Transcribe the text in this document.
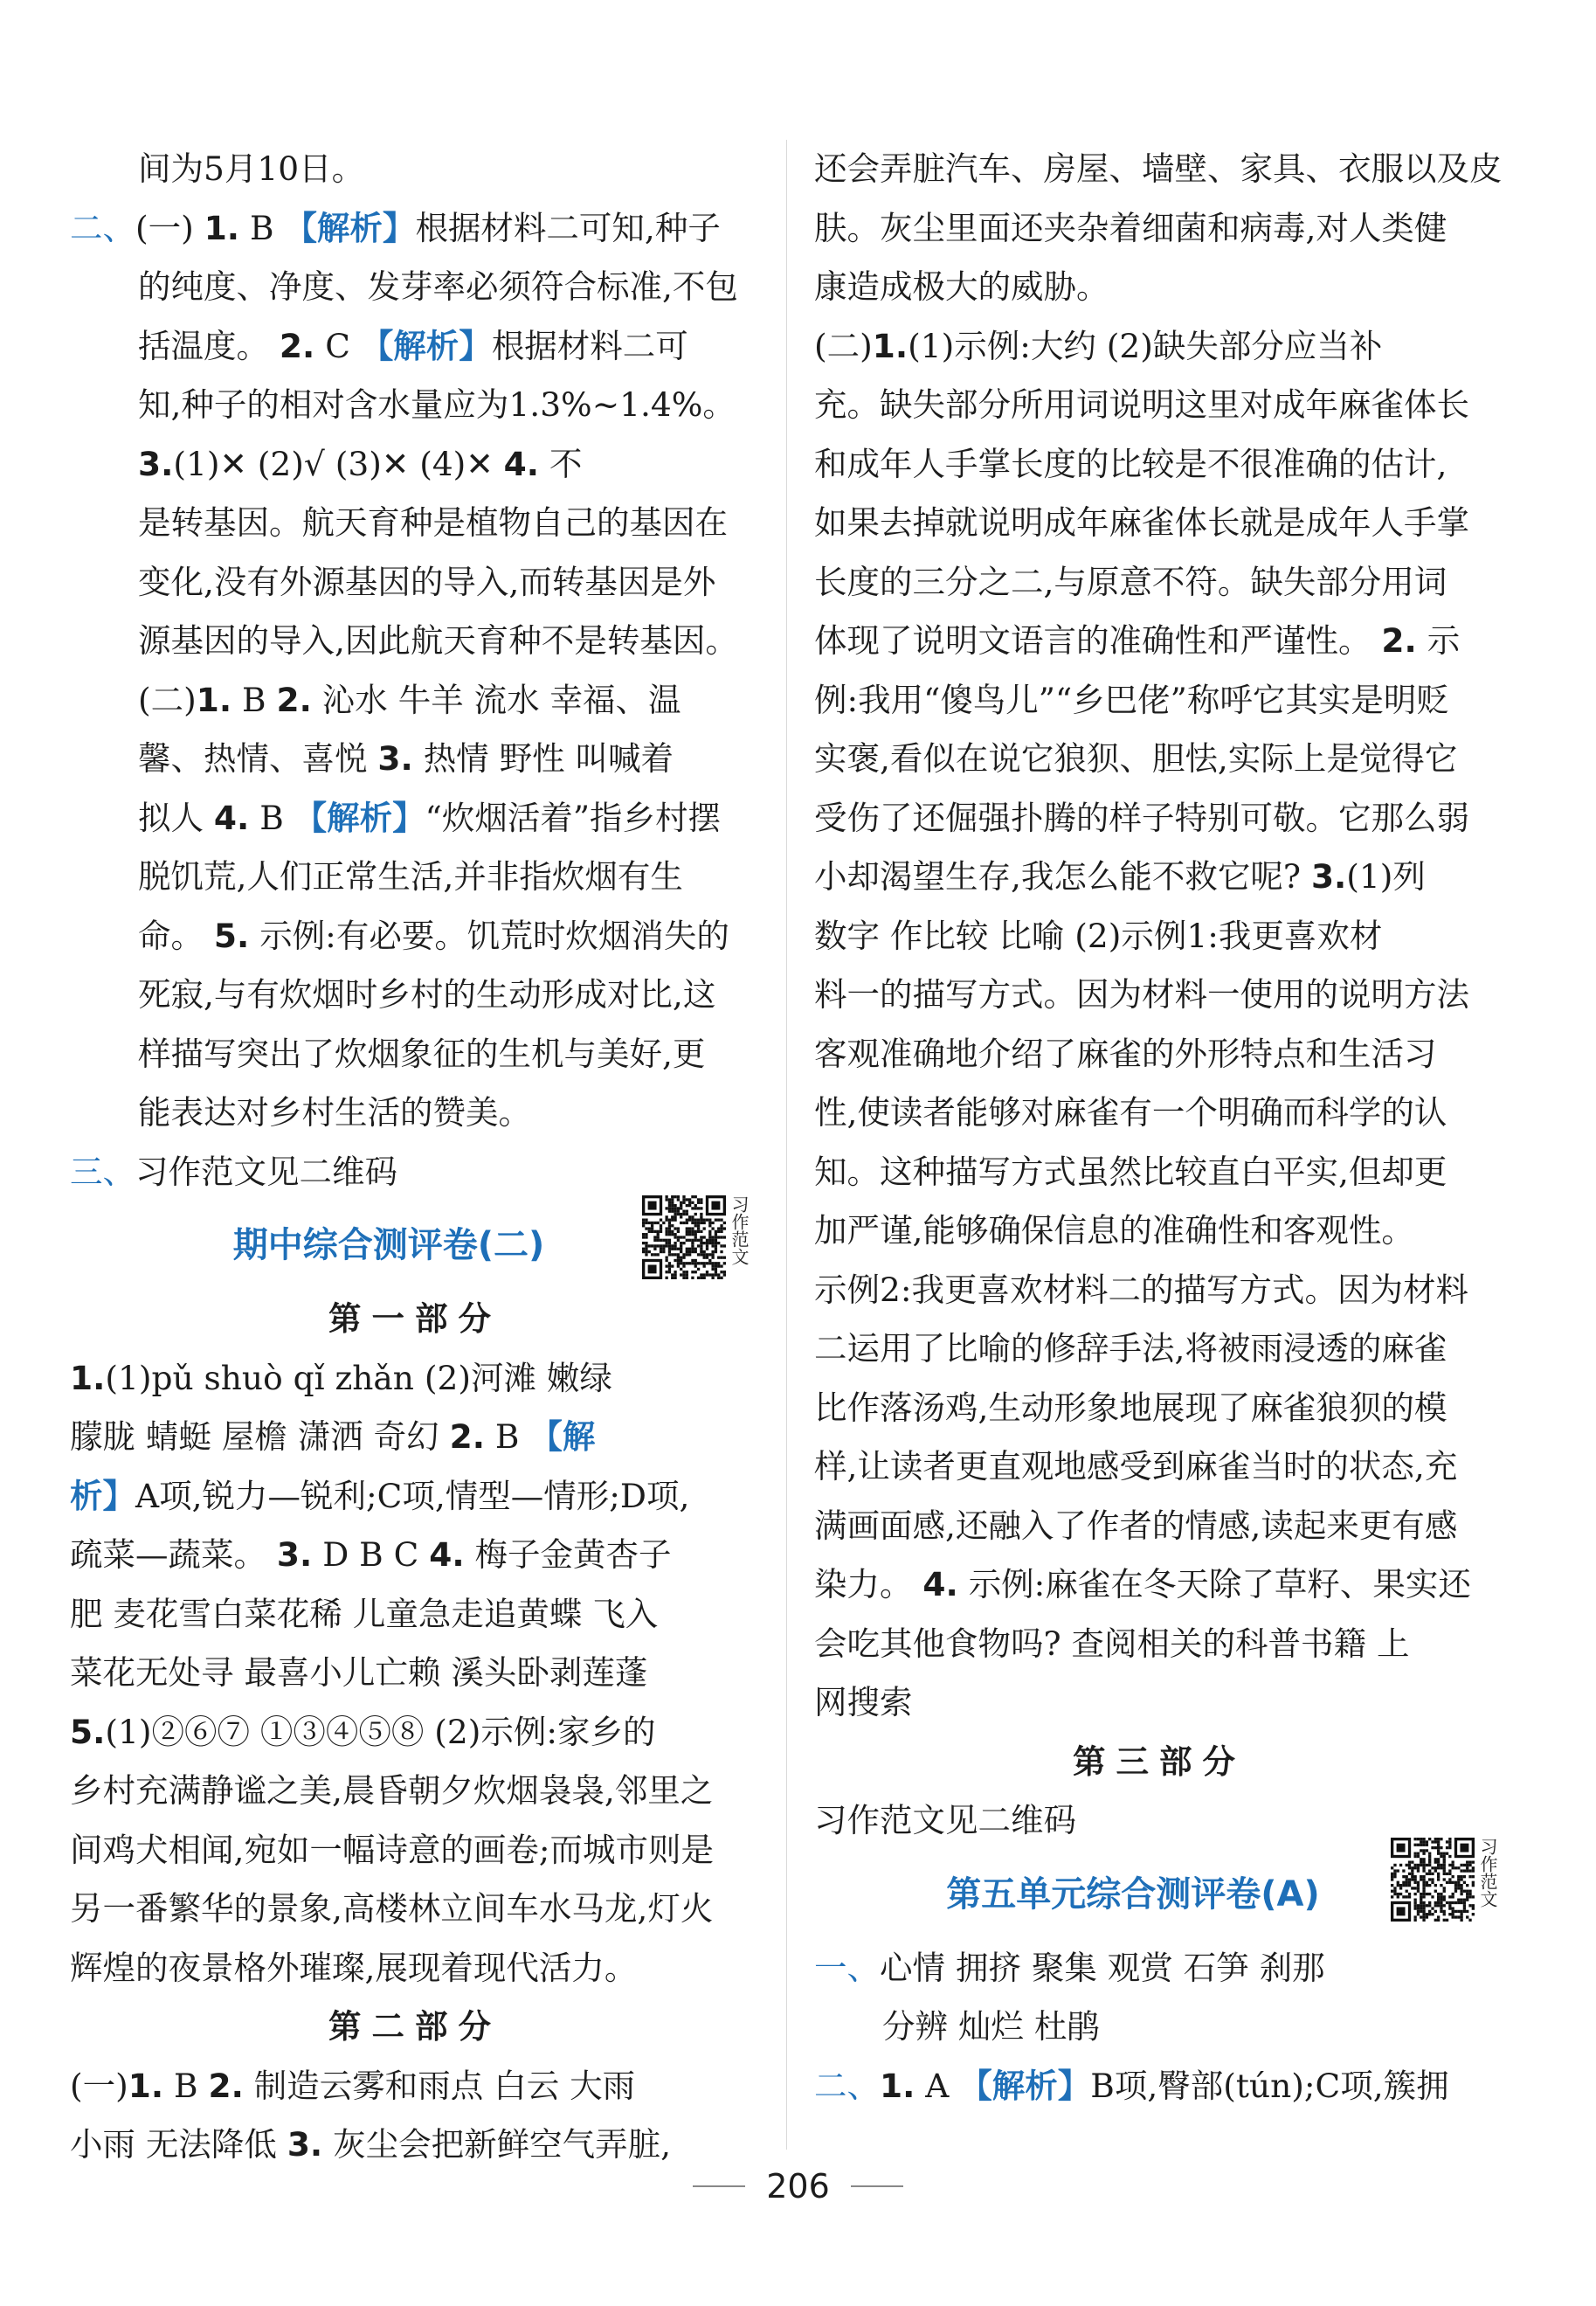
间为5月10日。
二、(一) 1. B 【解析】根据材料二可知,种子
的纯度、净度、发芽率必须符合标准,不包
括温度。 2. C 【解析】根据材料二可
知,种子的相对含水量应为1.3%~1.4%。
3.(1)✕ (2)√ (3)✕ (4)✕ 4. 不
是转基因。航天育种是植物自己的基因在
变化,没有外源基因的导入,而转基因是外
源基因的导入,因此航天育种不是转基因。
(二)1. B 2. 沁水 牛羊 流水 幸福、温
馨、热情、喜悦 3. 热情 野性 叫喊着
拟人 4. B 【解析】“炊烟活着”指乡村摆
脱饥荒,人们正常生活,并非指炊烟有生
命。 5. 示例:有必要。饥荒时炊烟消失的
死寂,与有炊烟时乡村的生动形成对比,这
样描写突出了炊烟象征的生机与美好,更
能表达对乡村生活的赞美。
三、习作范文见二维码
期中综合测评卷(二)
第一部分
1.(1)pǔ shuò qǐ zhǎn (2)河滩 嫩绿
朦胧 蜻蜓 屋檐 潇洒 奇幻 2. B 【解
析】A项,锐力—锐利;C项,情型—情形;D项,
疏菜—蔬菜。 3. D B C 4. 梅子金黄杏子
肥 麦花雪白菜花稀 儿童急走追黄蝶 飞入
菜花无处寻 最喜小儿亡赖 溪头卧剥莲蓬
5.(1)②⑥⑦ ①③④⑤⑧ (2)示例:家乡的
乡村充满静谧之美,晨昏朝夕炊烟袅袅,邻里之
间鸡犬相闻,宛如一幅诗意的画卷;而城市则是
另一番繁华的景象,高楼林立间车水马龙,灯火
辉煌的夜景格外璀璨,展现着现代活力。
第二部分
(一)1. B 2. 制造云雾和雨点 白云 大雨
小雨 无法降低 3. 灰尘会把新鲜空气弄脏,
习作范文
还会弄脏汽车、房屋、墙壁、家具、衣服以及皮
肤。灰尘里面还夹杂着细菌和病毒,对人类健
康造成极大的威胁。
(二)1.(1)示例:大约 (2)缺失部分应当补
充。缺失部分所用词说明这里对成年麻雀体长
和成年人手掌长度的比较是不很准确的估计,
如果去掉就说明成年麻雀体长就是成年人手掌
长度的三分之二,与原意不符。缺失部分用词
体现了说明文语言的准确性和严谨性。 2. 示
例:我用“傻鸟儿”“乡巴佬”称呼它其实是明贬
实褒,看似在说它狼狈、胆怯,实际上是觉得它
受伤了还倔强扑腾的样子特别可敬。它那么弱
小却渴望生存,我怎么能不救它呢? 3.(1)列
数字 作比较 比喻 (2)示例1:我更喜欢材
料一的描写方式。因为材料一使用的说明方法
客观准确地介绍了麻雀的外形特点和生活习
性,使读者能够对麻雀有一个明确而科学的认
知。这种描写方式虽然比较直白平实,但却更
加严谨,能够确保信息的准确性和客观性。
示例2:我更喜欢材料二的描写方式。因为材料
二运用了比喻的修辞手法,将被雨浸透的麻雀
比作落汤鸡,生动形象地展现了麻雀狼狈的模
样,让读者更直观地感受到麻雀当时的状态,充
满画面感,还融入了作者的情感,读起来更有感
染力。 4. 示例:麻雀在冬天除了草籽、果实还
会吃其他食物吗? 查阅相关的科普书籍 上
网搜索
第三部分
习作范文见二维码
第五单元综合测评卷(A)
一、心情 拥挤 聚集 观赏 石笋 刹那
分辨 灿烂 杜鹃
二、1. A 【解析】B项,臀部(tún);C项,簇拥
习作范文
206
